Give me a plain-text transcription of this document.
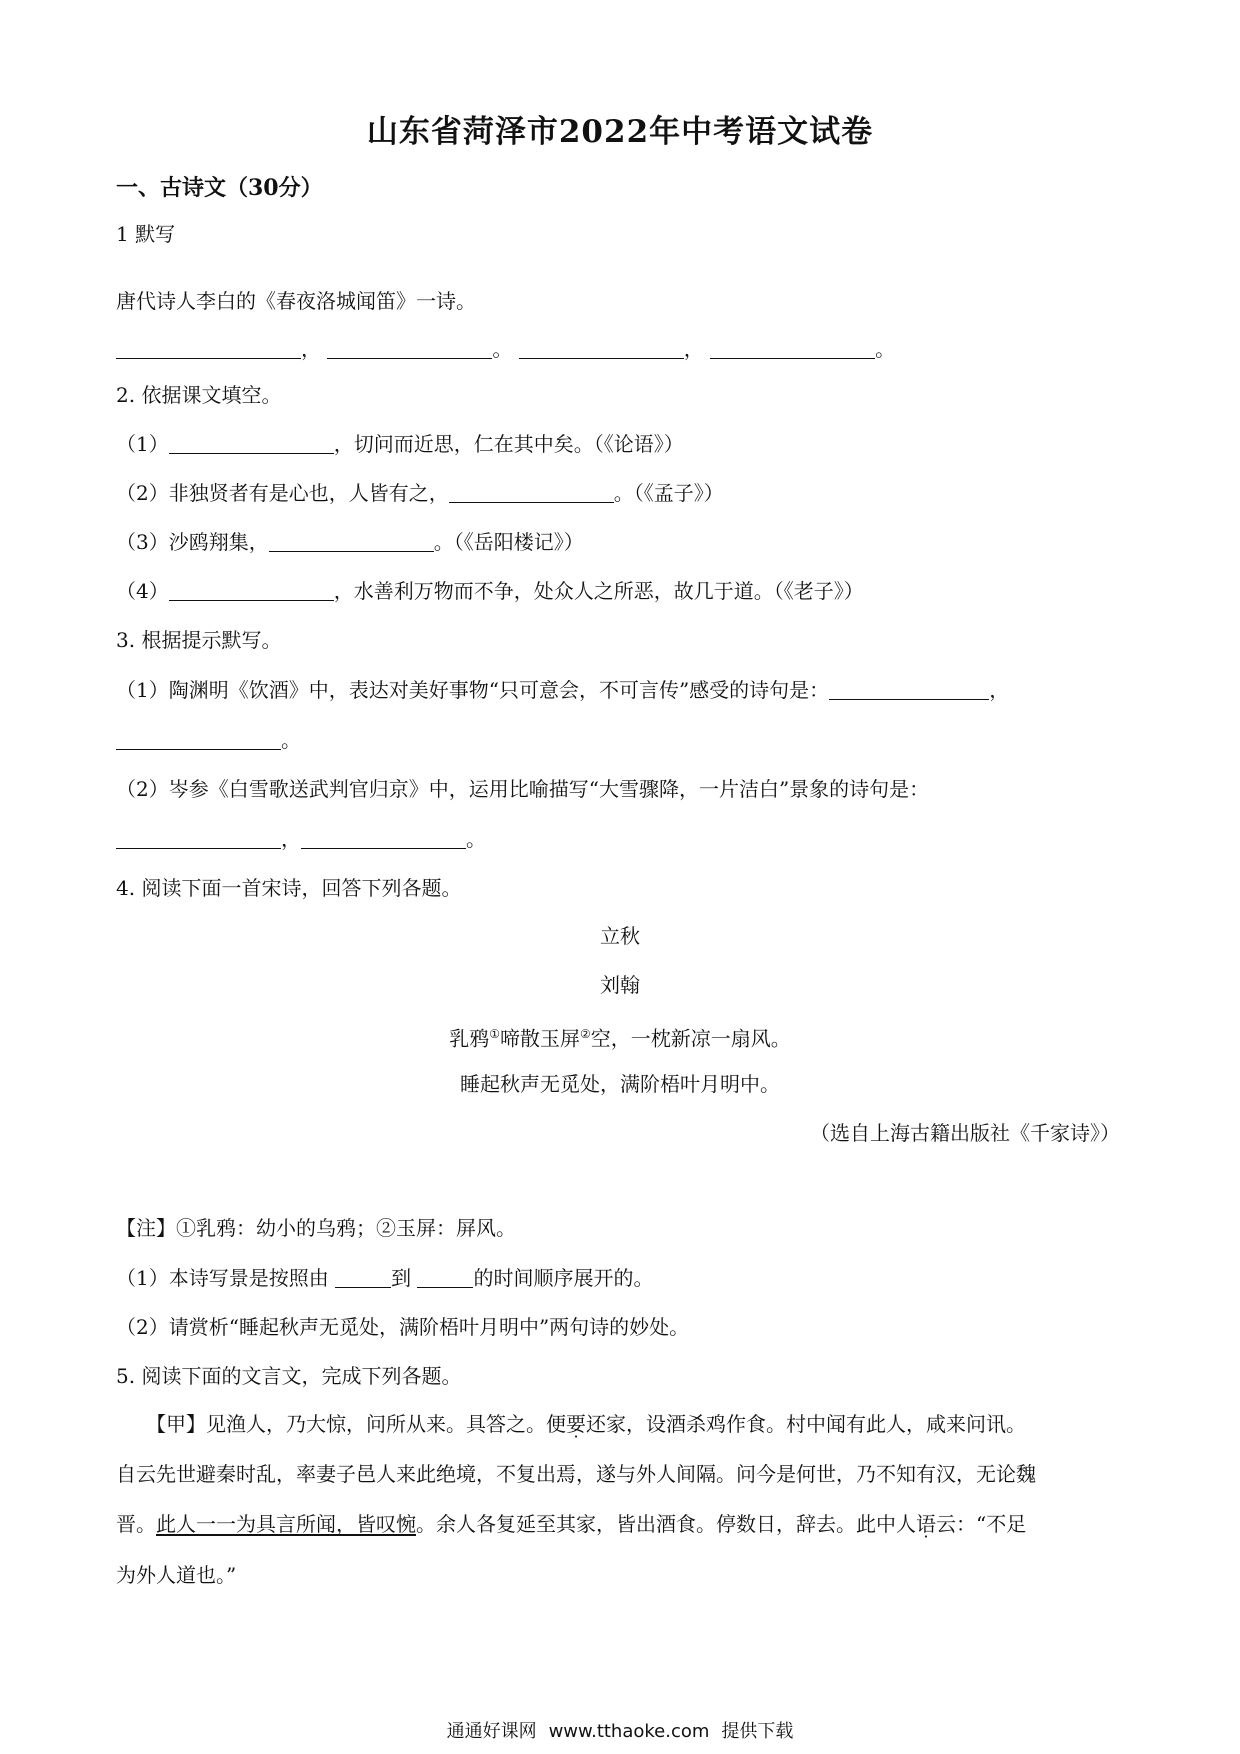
山东省菏泽市2022年中考语文试卷
一、古诗文（30分）
1 默写
唐代诗人李白的《春夜洛城闻笛》一诗。
，	。	，	。
2. 依据课文填空。
（1）	，切问而近思，仁在其中矣。（《论语》）
（2）非独贤者有是心也，人皆有之，	。（《孟子》）
（3）沙鸥翔集，	。（《岳阳楼记》）
（4）	，水善利万物而不争，处众人之所恶，故几于道。（《老子》）
3. 根据提示默写。
（1）陶渊明《饮酒》中，表达对美好事物“只可意会，不可言传”感受的诗句是：	，
。
（2）岑参《白雪歌送武判官归京》中，运用比喻描写“大雪骤降，一片洁白”景象的诗句是：
，	。
4. 阅读下面一首宋诗，回答下列各题。
立秋
刘翰
乳鸦①啼散玉屏②空，一枕新凉一扇风。
睡起秋声无觅处，满阶梧叶月明中。
（选自上海古籍出版社《千家诗》）
【注】①乳鸦：幼小的乌鸦；②玉屏：屏风。
（1）本诗写景是按照由	到	的时间顺序展开的。
（2）请赏析“睡起秋声无觅处，满阶梧叶月明中”两句诗的妙处。
5. 阅读下面的文言文，完成下列各题。
【甲】见渔人，乃大惊，问所从来。具答之。便要还家，设酒杀鸡作食。村中闻有此人，咸来问讯。
自云先世避秦时乱，率妻子邑人来此绝境，不复出焉，遂与外人间隔。问今是何世，乃不知有汉，无论魏
晋。此人一一为具言所闻，皆叹惋。余人各复延至其家，皆出酒食。停数日，辞去。此中人语云：“不足
为外人道也。”
通通好课网 www.tthaoke.com 提供下载
